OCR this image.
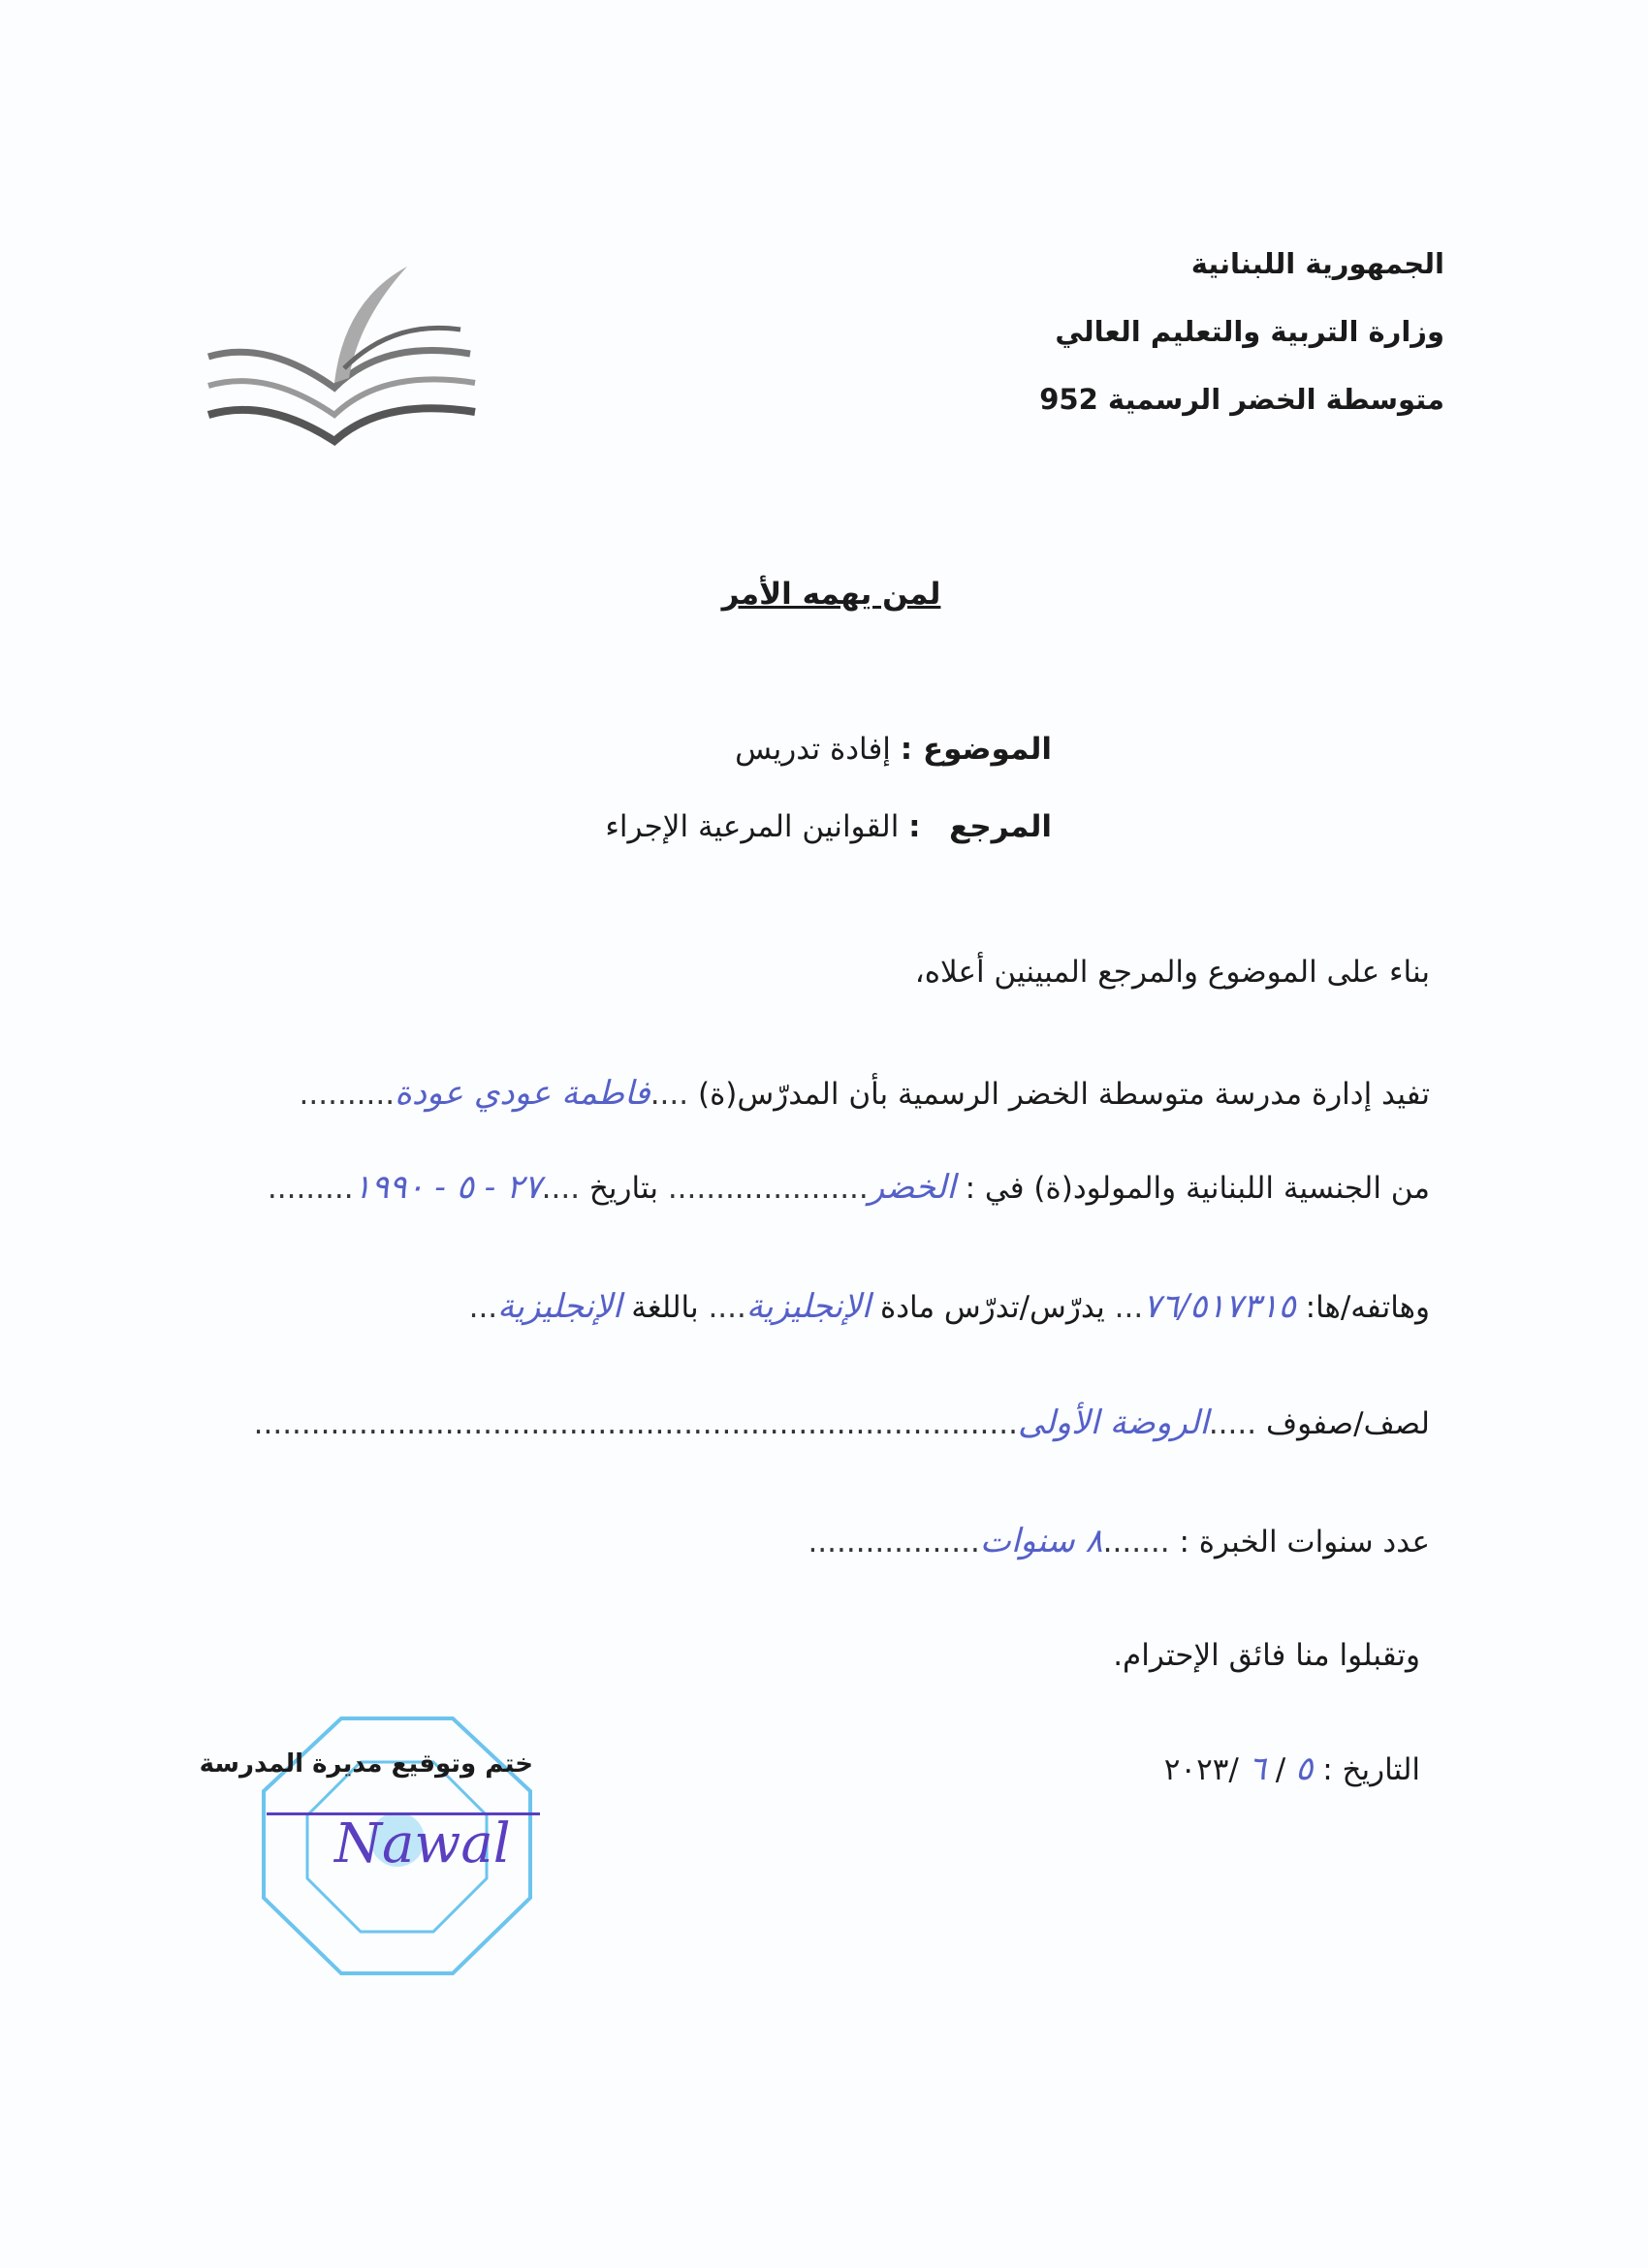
الجمهورية اللبنانية
وزارة التربية والتعليم العالي
متوسطة الخضر الرسمية 952
لمن يهمه الأمر
الموضوع : إفادة تدريس
المرجع   : القوانين المرعية الإجراء
بناء على الموضوع والمرجع المبينين أعلاه،
تفيد إدارة مدرسة متوسطة الخضر الرسمية بأن المدرّس(ة) ....فاطمة عودي عودة..........
من الجنسية اللبنانية والمولود(ة) في : الخضر..................... بتاريخ ....٢٧ - ٥ - ١٩٩٠.........
وهاتفه/ها: ٧٦/٥١٧٣١٥... يدرّس/تدرّس مادة الإنجليزية.... باللغة الإنجليزية...
لصف/صفوف .....الروضة الأولى................................................................................
عدد سنوات الخبرة : .......٨ سنوات..................
وتقبلوا منا فائق الإحترام.
التاريخ : ٥ / ٦ /٢٠٢٣
ختم وتوقيع مديرة المدرسة
Nawal
